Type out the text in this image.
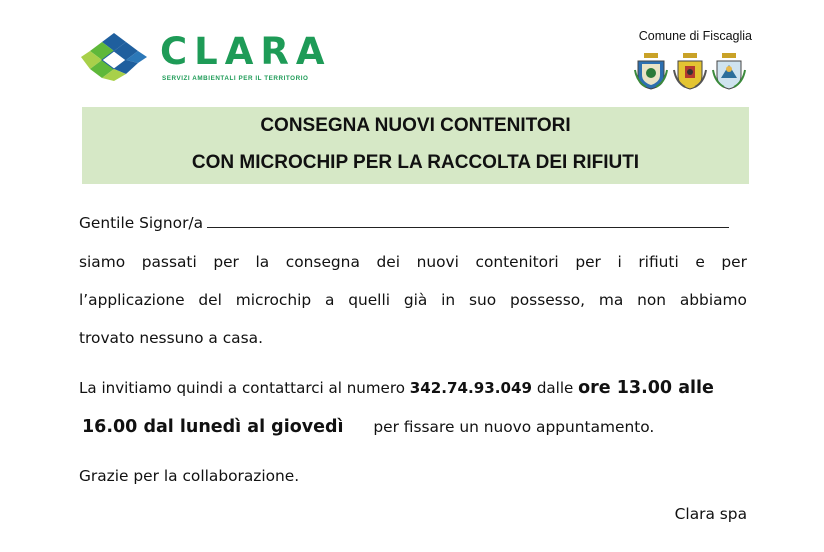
CLARA
SERVIZI AMBIENTALI PER IL TERRITORIO
Comune di Fiscaglia
CONSEGNA NUOVI CONTENITORI
CON MICROCHIP PER LA RACCOLTA DEI RIFIUTI
Gentile Signor/a
siamo passati per la consegna dei nuovi contenitori per i rifiuti e per
l’applicazione del microchip a quelli già in suo possesso, ma non abbiamo
trovato nessuno a casa.
La invitiamo quindi a contattarci al numero 342.74.93.049 dalle ore 13.00 alle
16.00 dal lunedì al giovedì per fissare un nuovo appuntamento.
Grazie per la collaborazione.
Clara spa
